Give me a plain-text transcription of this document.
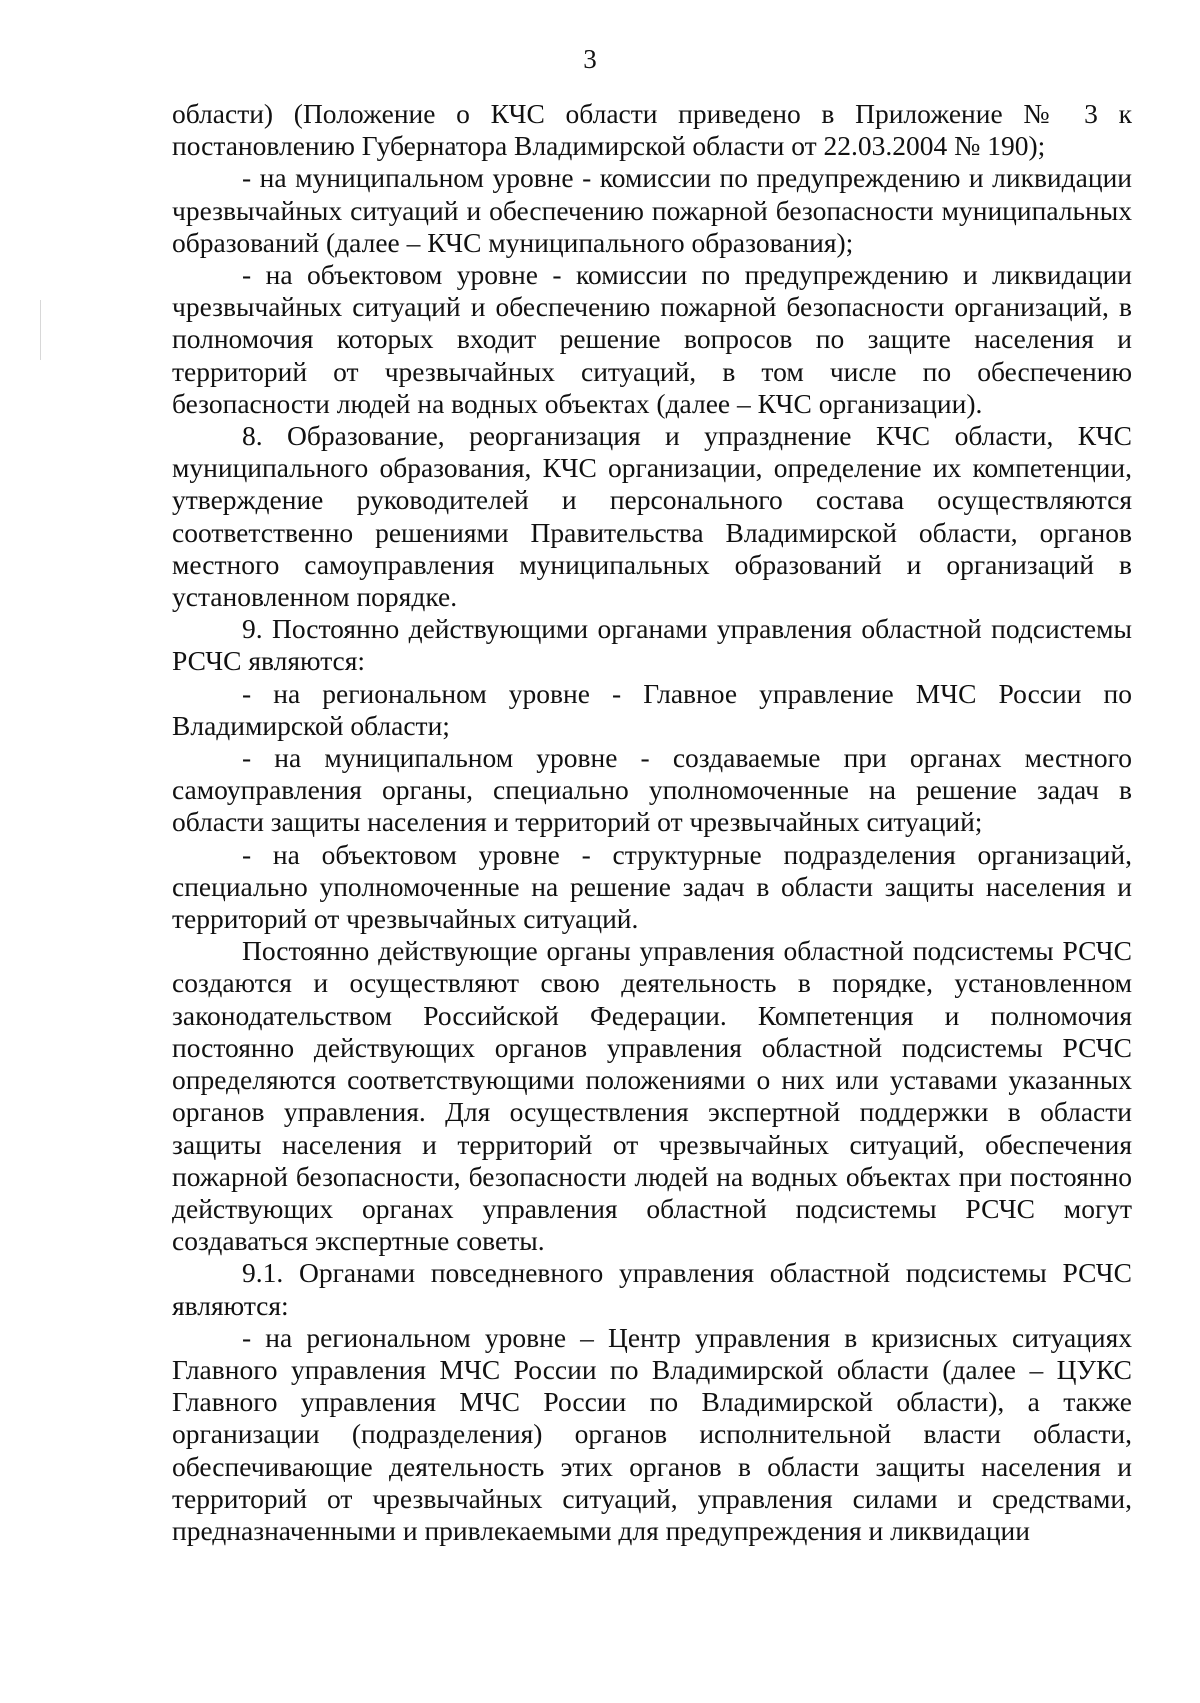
3

области) (Положение о КЧС области приведено в Приложение № 3 к постановлению Губернатора Владимирской области от 22.03.2004 № 190);

- на муниципальном уровне - комиссии по предупреждению и ликвидации чрезвычайных ситуаций и обеспечению пожарной безопасности муниципальных образований (далее – КЧС муниципального образования);

- на объектовом уровне - комиссии по предупреждению и ликвидации чрезвычайных ситуаций и обеспечению пожарной безопасности организаций, в полномочия которых входит решение вопросов по защите населения и территорий от чрезвычайных ситуаций, в том числе по обеспечению безопасности людей на водных объектах (далее – КЧС организации).

8. Образование, реорганизация и упразднение КЧС области, КЧС муниципального образования, КЧС организации, определение их компетенции, утверждение руководителей и персонального состава осуществляются соответственно решениями Правительства Владимирской области, органов местного самоуправления муниципальных образований и организаций в установленном порядке.

9. Постоянно действующими органами управления областной подсистемы РСЧС являются:

- на региональном уровне - Главное управление МЧС России по Владимирской области;

- на муниципальном уровне - создаваемые при органах местного самоуправления органы, специально уполномоченные на решение задач в области защиты населения и территорий от чрезвычайных ситуаций;

- на объектовом уровне - структурные подразделения организаций, специально уполномоченные на решение задач в области защиты населения и территорий от чрезвычайных ситуаций.

Постоянно действующие органы управления областной подсистемы РСЧС создаются и осуществляют свою деятельность в порядке, установленном законодательством Российской Федерации. Компетенция и полномочия постоянно действующих органов управления областной подсистемы РСЧС определяются соответствующими положениями о них или уставами указанных органов управления. Для осуществления экспертной поддержки в области защиты населения и территорий от чрезвычайных ситуаций, обеспечения пожарной безопасности, безопасности людей на водных объектах при постоянно действующих органах управления областной подсистемы РСЧС могут создаваться экспертные советы.

9.1. Органами повседневного управления областной подсистемы РСЧС являются:

- на региональном уровне – Центр управления в кризисных ситуациях Главного управления МЧС России по Владимирской области (далее – ЦУКС Главного управления МЧС России по Владимирской области), а также организации (подразделения) органов исполнительной власти области, обеспечивающие деятельность этих органов в области защиты населения и территорий от чрезвычайных ситуаций, управления силами и средствами, предназначенными и привлекаемыми для предупреждения и ликвидации
